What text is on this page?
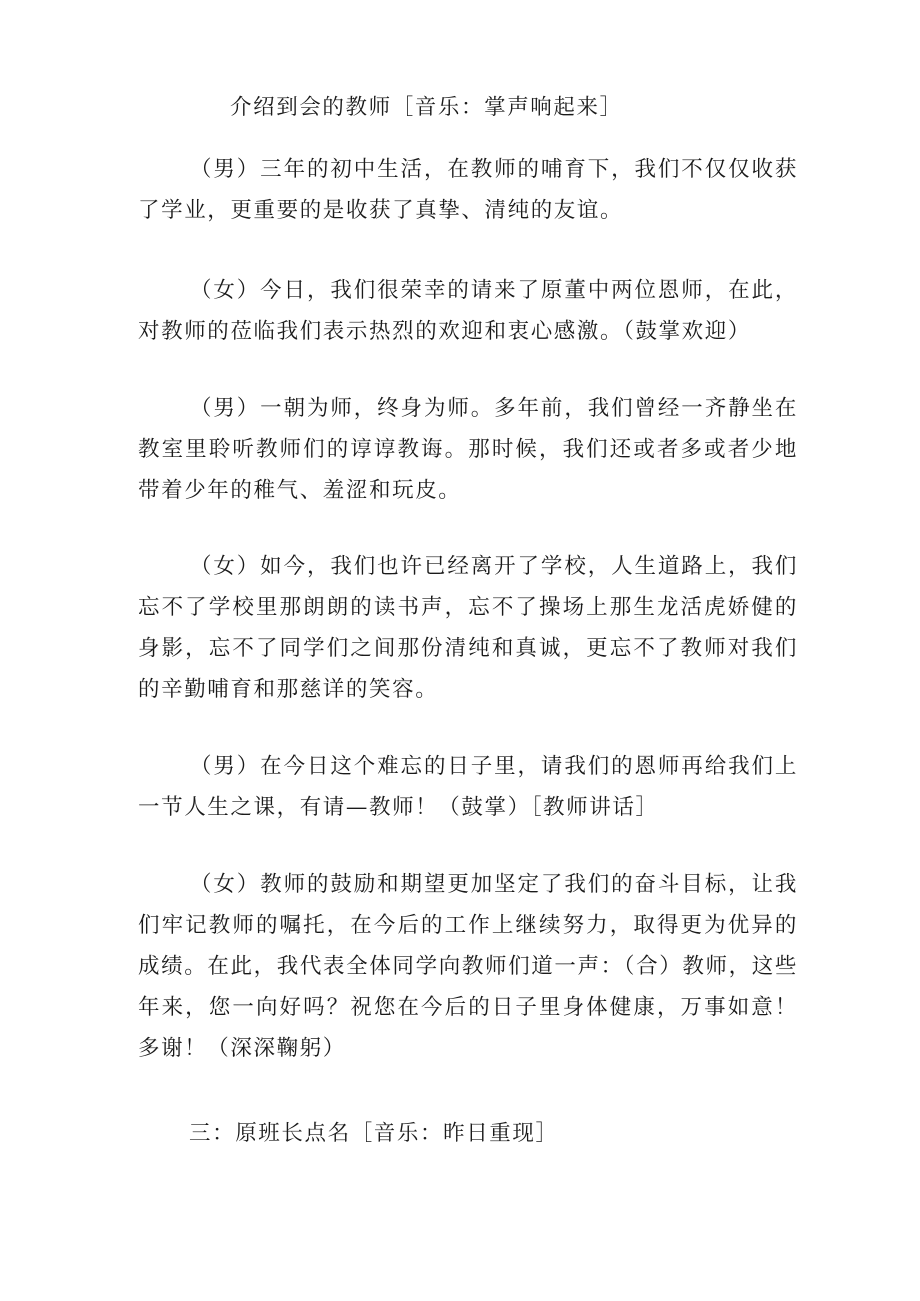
介绍到会的教师［音乐：掌声响起来］

（男）三年的初中生活，在教师的哺育下，我们不仅仅收获了学业，更重要的是收获了真挚、清纯的友谊。

（女）今日，我们很荣幸的请来了原董中两位恩师，在此，对教师的莅临我们表示热烈的欢迎和衷心感激。（鼓掌欢迎）

（男）一朝为师，终身为师。多年前，我们曾经一齐静坐在教室里聆听教师们的谆谆教诲。那时候，我们还或者多或者少地带着少年的稚气、羞涩和玩皮。

（女）如今，我们也许已经离开了学校，人生道路上，我们忘不了学校里那朗朗的读书声，忘不了操场上那生龙活虎娇健的身影，忘不了同学们之间那份清纯和真诚，更忘不了教师对我们的辛勤哺育和那慈详的笑容。

（男）在今日这个难忘的日子里，请我们的恩师再给我们上一节人生之课，有请—教师！（鼓掌）［教师讲话］

（女）教师的鼓励和期望更加坚定了我们的奋斗目标，让我们牢记教师的嘱托，在今后的工作上继续努力，取得更为优异的成绩。在此，我代表全体同学向教师们道一声：（合）教师，这些年来，您一向好吗？祝您在今后的日子里身体健康，万事如意！多谢！（深深鞠躬）

三：原班长点名［音乐：昨日重现］
